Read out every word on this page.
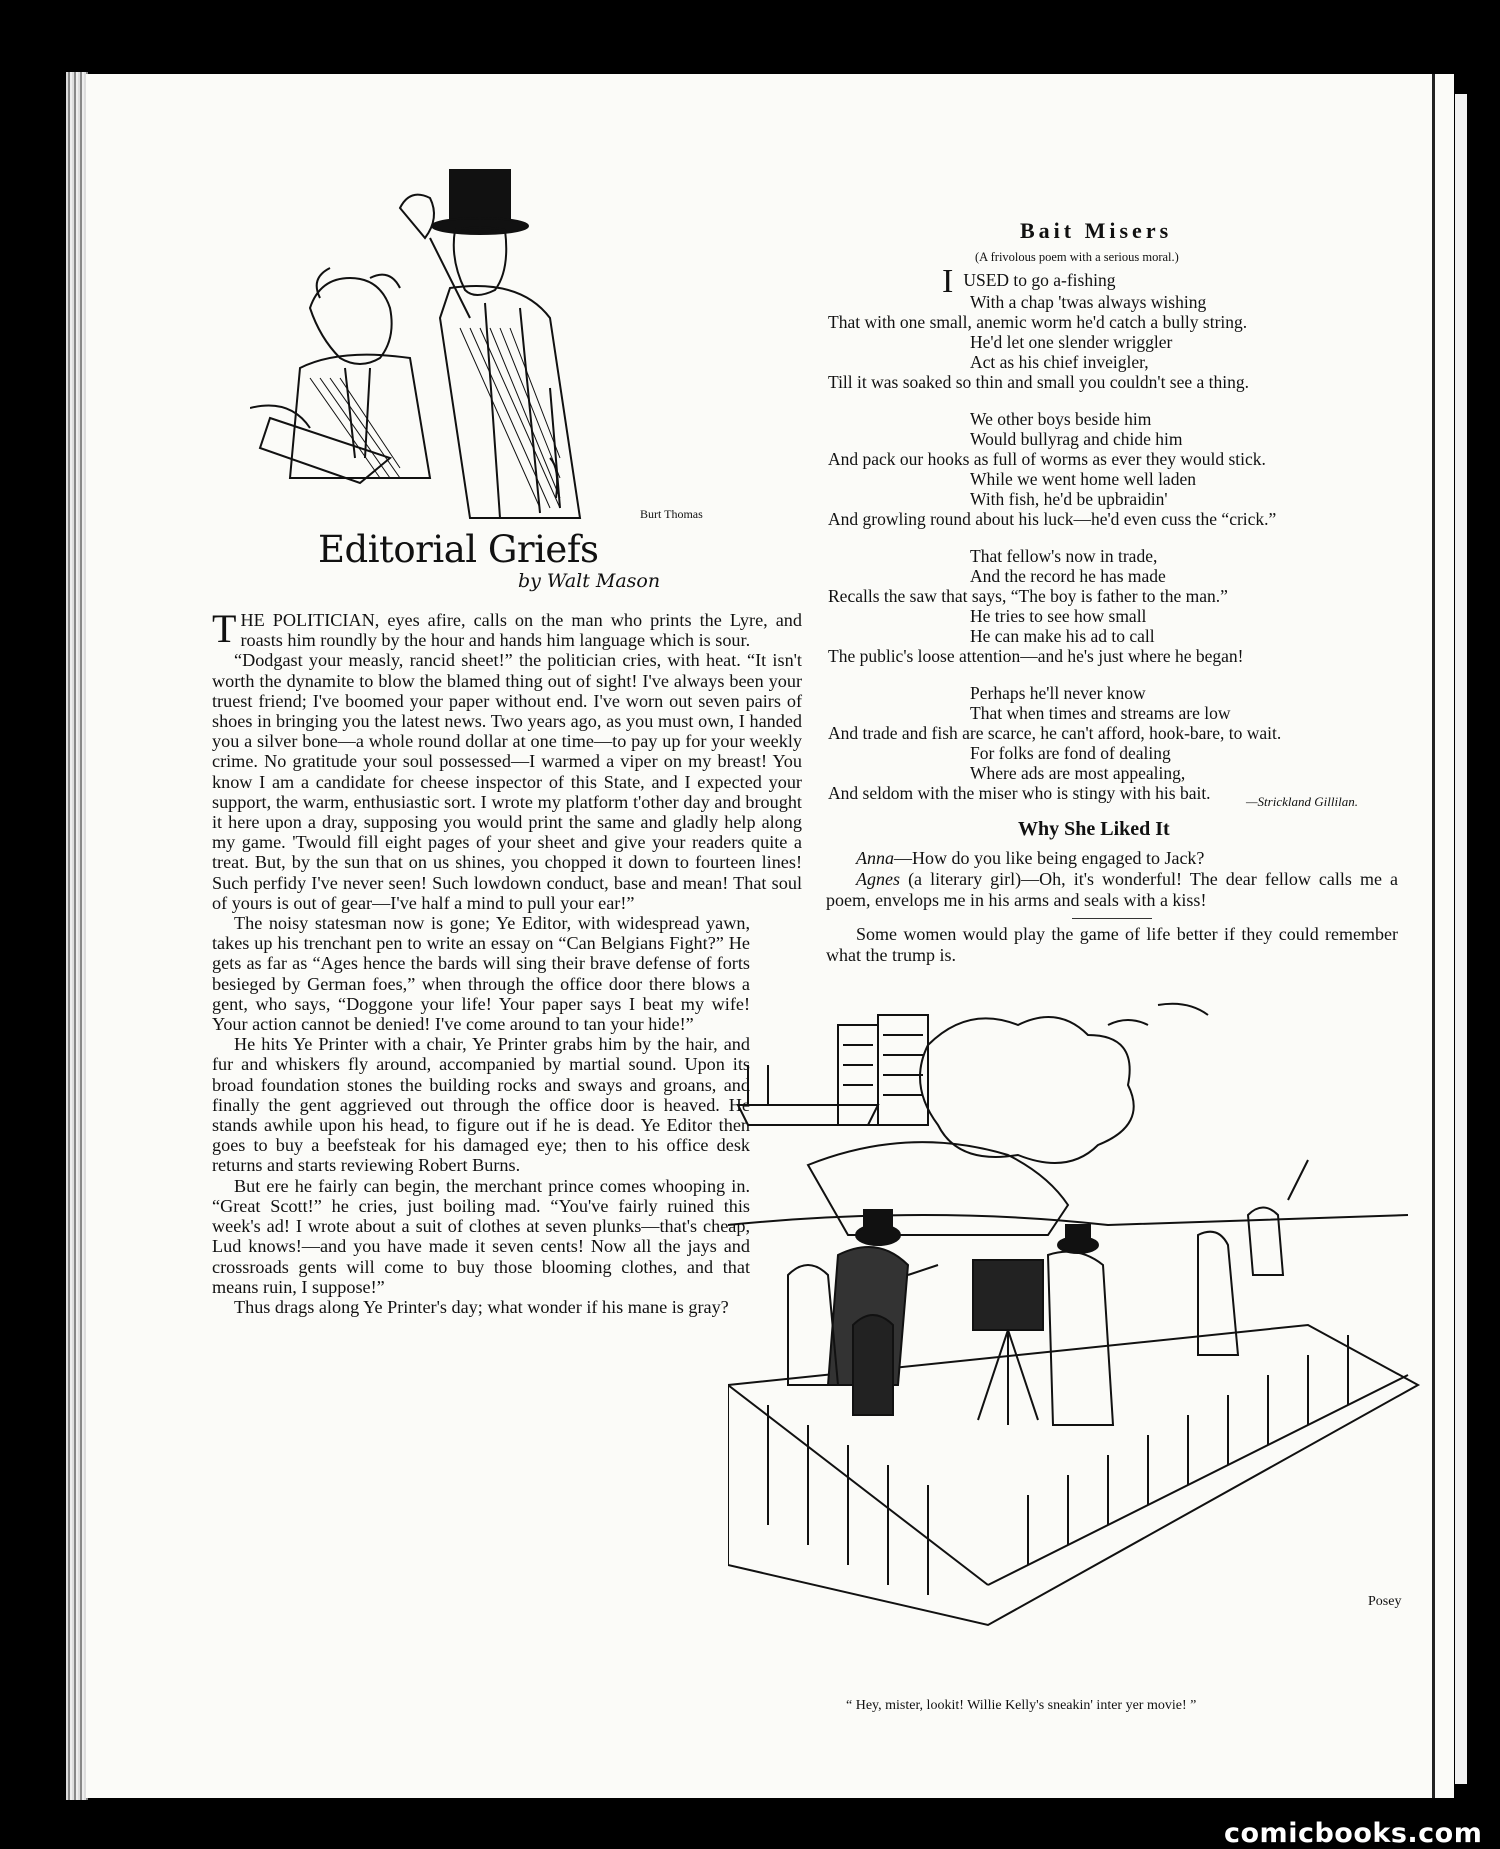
Burt Thomas
Editorial Griefs
by Walt Mason

THE POLITICIAN, eyes afire, calls on the man who prints the Lyre, and roasts him roundly by the hour and hands him language which is sour.

“Dodgast your measly, rancid sheet!” the politician cries, with heat. “It isn't worth the dynamite to blow the blamed thing out of sight! I've always been your truest friend; I've boomed your paper without end. I've worn out seven pairs of shoes in bringing you the latest news. Two years ago, as you must own, I handed you a silver bone—a whole round dollar at one time—to pay up for your weekly crime. No gratitude your soul possessed—I warmed a viper on my breast! You know I am a candidate for cheese inspector of this State, and I expected your support, the warm, enthusiastic sort. I wrote my platform t'other day and brought it here upon a dray, supposing you would print the same and gladly help along my game. 'Twould fill eight pages of your sheet and give your readers quite a treat. But, by the sun that on us shines, you chopped it down to fourteen lines! Such perfidy I've never seen! Such lowdown conduct, base and mean! That soul of yours is out of gear—I've half a mind to pull your ear!”

The noisy statesman now is gone; Ye Editor, with widespread yawn, takes up his trenchant pen to write an essay on “Can Belgians Fight?” He gets as far as “Ages hence the bards will sing their brave defense of forts besieged by German foes,” when through the office door there blows a gent, who says, “Doggone your life! Your paper says I beat my wife! Your action cannot be denied! I've come around to tan your hide!”

He hits Ye Printer with a chair, Ye Printer grabs him by the hair, and fur and whiskers fly around, accompanied by martial sound. Upon its broad foundation stones the building rocks and sways and groans, and finally the gent aggrieved out through the office door is heaved. He stands awhile upon his head, to figure out if he is dead. Ye Editor then goes to buy a beefsteak for his damaged eye; then to his office desk returns and starts reviewing Robert Burns.

But ere he fairly can begin, the merchant prince comes whooping in. “Great Scott!” he cries, just boiling mad. “You've fairly ruined this week's ad! I wrote about a suit of clothes at seven plunks—that's cheap, Lud knows!—and you have made it seven cents! Now all the jays and crossroads gents will come to buy those blooming clothes, and that means ruin, I suppose!”

Thus drags along Ye Printer's day; what wonder if his mane is gray?

Bait Misers
(A frivolous poem with a serious moral.)
IUSED to go a-fishing
With a chap 'twas always wishing
That with one small, anemic worm he'd catch a bully string.
He'd let one slender wriggler
Act as his chief inveigler,
Till it was soaked so thin and small you couldn't see a thing.
We other boys beside him
Would bullyrag and chide him
And pack our hooks as full of worms as ever they would stick.
While we went home well laden
With fish, he'd be upbraidin'
And growling round about his luck—he'd even cuss the “crick.”
That fellow's now in trade,
And the record he has made
Recalls the saw that says, “The boy is father to the man.”
He tries to see how small
He can make his ad to call
The public's loose attention—and he's just where he began!
Perhaps he'll never know
That when times and streams are low
And trade and fish are scarce, he can't afford, hook-bare, to wait.
For folks are fond of dealing
Where ads are most appealing,
And seldom with the miser who is stingy with his bait.	—Strickland Gillilan.
Why She Liked It

Anna—How do you like being engaged to Jack?

Agnes (a literary girl)—Oh, it's wonderful! The dear fellow calls me a poem, envelops me in his arms and seals with a kiss!

Some women would play the game of life better if they could remember what the trump is.

Posey
“ Hey, mister, lookit! Willie Kelly's sneakin' inter yer movie! ”
comicbooks.com
